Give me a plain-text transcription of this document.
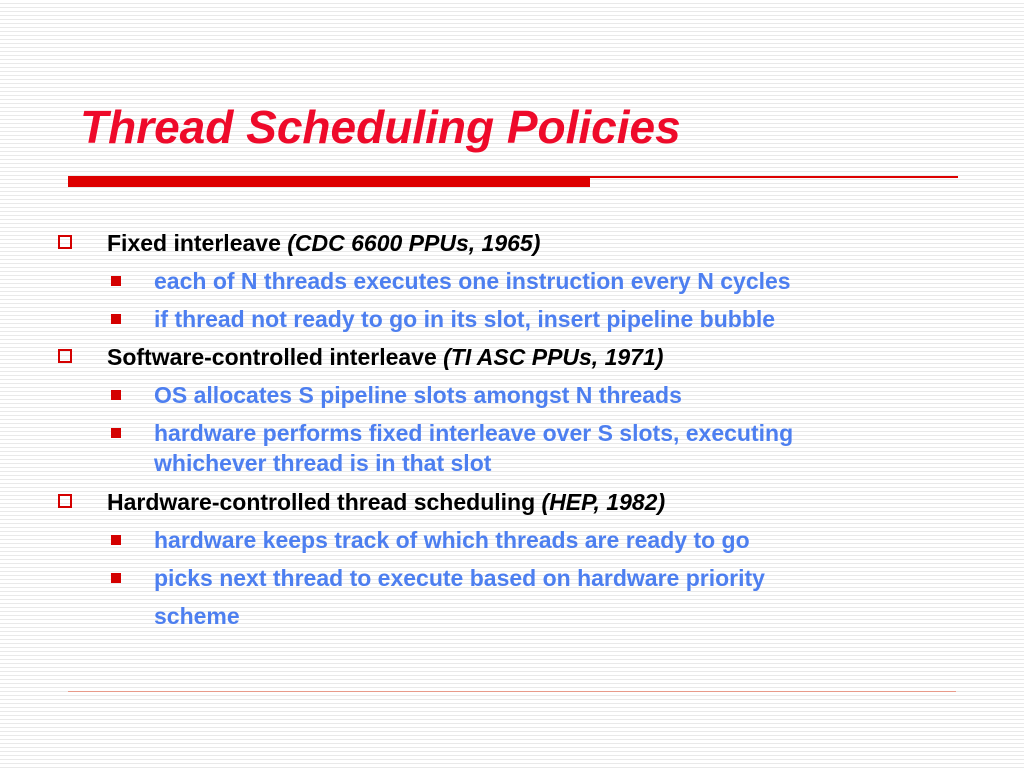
Thread Scheduling Policies
Fixed interleave (CDC 6600 PPUs, 1965)
each of N threads executes one instruction every N cycles
if thread not ready to go in its slot, insert pipeline bubble
Software-controlled interleave (TI ASC PPUs, 1971)
OS allocates S pipeline slots amongst N threads
hardware performs fixed interleave over S slots, executing
whichever thread is in that slot
Hardware-controlled thread scheduling (HEP, 1982)
hardware keeps track of which threads are ready to go
picks next thread to execute based on hardware priority
scheme
